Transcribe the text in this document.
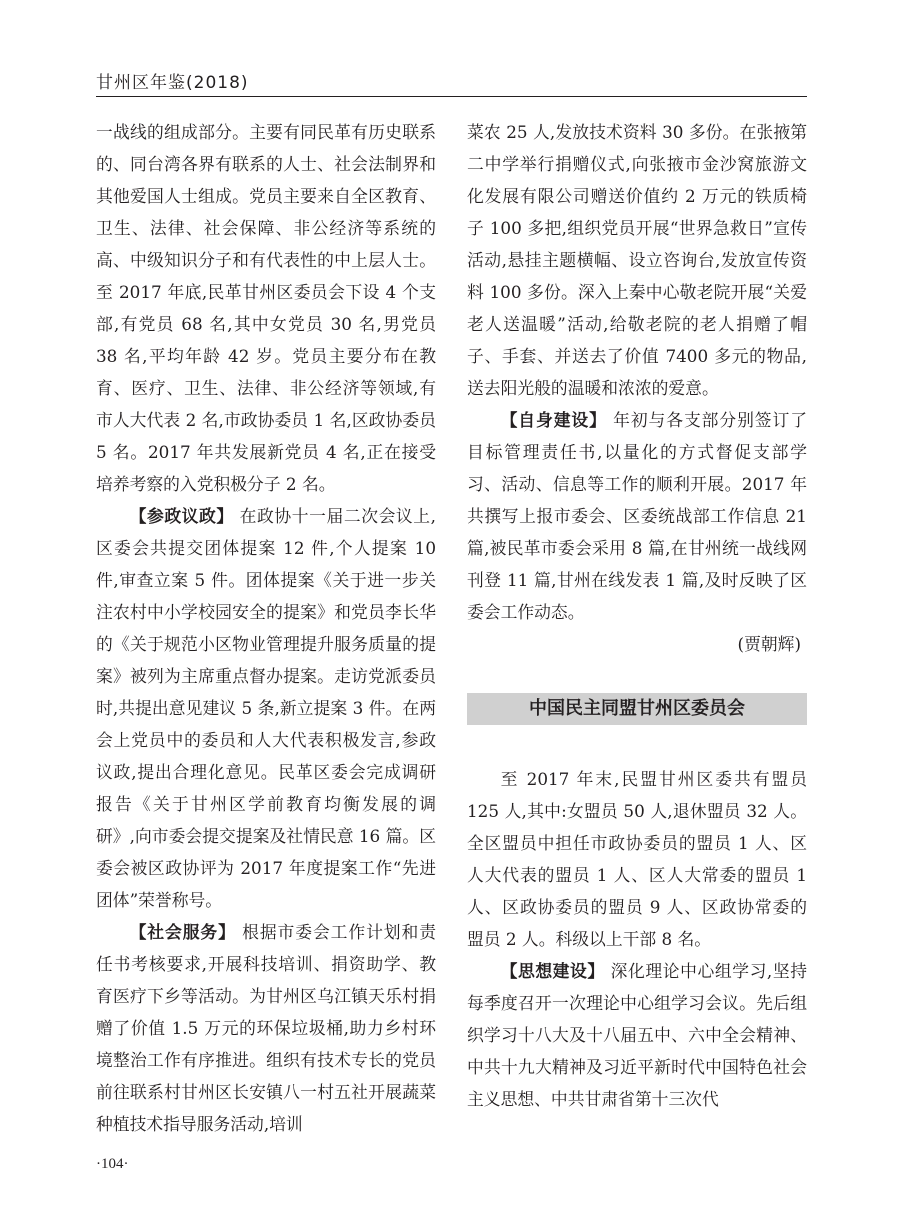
甘州区年鉴(2018)

一战线的组成部分。主要有同民革有历史联系的、同台湾各界有联系的人士、社会法制界和其他爱国人士组成。党员主要来自全区教育、卫生、法律、社会保障、非公经济等系统的高、中级知识分子和有代表性的中上层人士。至 2017 年底,民革甘州区委员会下设 4 个支部,有党员 68 名,其中女党员 30 名,男党员 38 名,平均年龄 42 岁。党员主要分布在教育、医疗、卫生、法律、非公经济等领域,有市人大代表 2 名,市政协委员 1 名,区政协委员 5 名。2017 年共发展新党员 4 名,正在接受培养考察的入党积极分子 2 名。

【参政议政】 在政协十一届二次会议上,区委会共提交团体提案 12 件,个人提案 10 件,审查立案 5 件。团体提案《关于进一步关注农村中小学校园安全的提案》和党员李长华的《关于规范小区物业管理提升服务质量的提案》被列为主席重点督办提案。走访党派委员时,共提出意见建议 5 条,新立提案 3 件。在两会上党员中的委员和人大代表积极发言,参政议政,提出合理化意见。民革区委会完成调研报告《关于甘州区学前教育均衡发展的调研》,向市委会提交提案及社情民意 16 篇。区委会被区政协评为 2017 年度提案工作“先进团体”荣誉称号。

【社会服务】 根据市委会工作计划和责任书考核要求,开展科技培训、捐资助学、教育医疗下乡等活动。为甘州区乌江镇天乐村捐赠了价值 1.5 万元的环保垃圾桶,助力乡村环境整治工作有序推进。组织有技术专长的党员前往联系村甘州区长安镇八一村五社开展蔬菜种植技术指导服务活动,培训

菜农 25 人,发放技术资料 30 多份。在张掖第二中学举行捐赠仪式,向张掖市金沙窝旅游文化发展有限公司赠送价值约 2 万元的铁质椅子 100 多把,组织党员开展“世界急救日”宣传活动,悬挂主题横幅、设立咨询台,发放宣传资料 100 多份。深入上秦中心敬老院开展“关爱老人送温暖”活动,给敬老院的老人捐赠了帽子、手套、并送去了价值 7400 多元的物品,送去阳光般的温暖和浓浓的爱意。

【自身建设】 年初与各支部分别签订了目标管理责任书,以量化的方式督促支部学习、活动、信息等工作的顺利开展。2017 年共撰写上报市委会、区委统战部工作信息 21 篇,被民革市委会采用 8 篇,在甘州统一战线网刊登 11 篇,甘州在线发表 1 篇,及时反映了区委会工作动态。

(贾朝辉)

中国民主同盟甘州区委员会

至 2017 年末,民盟甘州区委共有盟员 125 人,其中:女盟员 50 人,退休盟员 32 人。全区盟员中担任市政协委员的盟员 1 人、区人大代表的盟员 1 人、区人大常委的盟员 1 人、区政协委员的盟员 9 人、区政协常委的盟员 2 人。科级以上干部 8 名。

【思想建设】 深化理论中心组学习,坚持每季度召开一次理论中心组学习会议。先后组织学习十八大及十八届五中、六中全会精神、中共十九大精神及习近平新时代中国特色社会主义思想、中共甘肃省第十三次代

·104·
